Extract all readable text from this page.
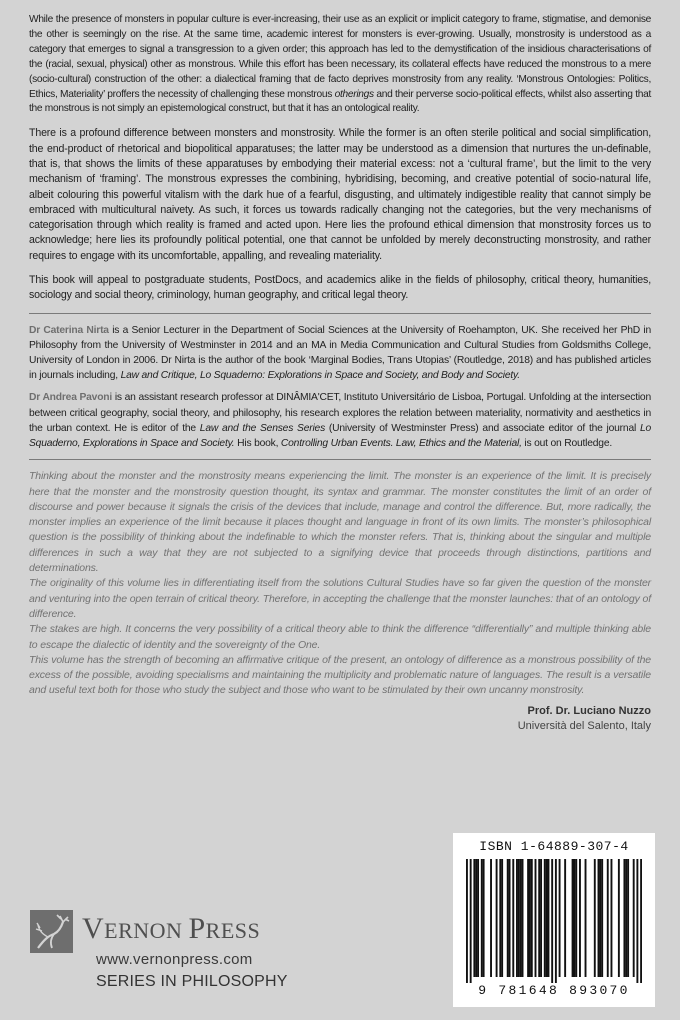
While the presence of monsters in popular culture is ever-increasing, their use as an explicit or implicit category to frame, stigmatise, and demonise the other is seemingly on the rise. At the same time, academic interest for monsters is ever-growing. Usually, monstrosity is understood as a category that emerges to signal a transgression to a given order; this approach has led to the demystification of the insidious characterisations of the (racial, sexual, physical) other as monstrous. While this effort has been necessary, its collateral effects have reduced the monstrous to a mere (socio-cultural) construction of the other: a dialectical framing that de facto deprives monstrosity from any reality. ‘Monstrous Ontologies: Politics, Ethics, Materiality’ proffers the necessity of challenging these monstrous otherings and their perverse socio-political effects, whilst also asserting that the monstrous is not simply an epistemological construct, but that it has an ontological reality.

There is a profound difference between monsters and monstrosity. While the former is an often sterile political and social simplification, the end-product of rhetorical and biopolitical apparatuses; the latter may be understood as a dimension that nurtures the un-definable, that is, that shows the limits of these apparatuses by embodying their material excess: not a ‘cultural frame’, but the limit to the very mechanism of ‘framing’. The monstrous expresses the combining, hybridising, becoming, and creative potential of socio-natural life, albeit colouring this powerful vitalism with the dark hue of a fearful, disgusting, and ultimately indigestible reality that cannot simply be embraced with multicultural naivety. As such, it forces us towards radically changing not the categories, but the very mechanisms of categorisation through which reality is framed and acted upon. Here lies the profound ethical dimension that monstrosity forces us to acknowledge; here lies its profoundly political potential, one that cannot be unfolded by merely deconstructing monstrosity, and rather requires to engage with its uncomfortable, appalling, and revealing materiality.

This book will appeal to postgraduate students, PostDocs, and academics alike in the fields of philosophy, critical theory, humanities, sociology and social theory, criminology, human geography, and critical legal theory.

Dr Caterina Nirta is a Senior Lecturer in the Department of Social Sciences at the University of Roehampton, UK. She received her PhD in Philosophy from the University of Westminster in 2014 and an MA in Media Communication and Cultural Studies from Goldsmiths College, University of London in 2006. Dr Nirta is the author of the book ‘Marginal Bodies, Trans Utopias’ (Routledge, 2018) and has published articles in journals including, Law and Critique, Lo Squaderno: Explorations in Space and Society, and Body and Society.

Dr Andrea Pavoni is an assistant research professor at DINÂMIA'CET, Instituto Universitário de Lisboa, Portugal. Unfolding at the intersection between critical geography, social theory, and philosophy, his research explores the relation between materiality, normativity and aesthetics in the urban context. He is editor of the Law and the Senses Series (University of Westminster Press) and associate editor of the journal Lo Squaderno, Explorations in Space and Society. His book, Controlling Urban Events. Law, Ethics and the Material, is out on Routledge.

Thinking about the monster and the monstrosity means experiencing the limit. The monster is an experience of the limit. It is precisely here that the monster and the monstrosity question thought, its syntax and grammar. The monster constitutes the limit of an order of discourse and power because it signals the crisis of the devices that include, manage and control the difference. But, more radically, the monster implies an experience of the limit because it places thought and language in front of its own limits. The monster’s philosophical question is the possibility of thinking about the indefinable to which the monster refers. That is, thinking about the singular and multiple differences in such a way that they are not subjected to a signifying device that proceeds through distinctions, partitions and determinations.

The originality of this volume lies in differentiating itself from the solutions Cultural Studies have so far given the question of the monster and venturing into the open terrain of critical theory. Therefore, in accepting the challenge that the monster launches: that of an ontology of difference.

The stakes are high. It concerns the very possibility of a critical theory able to think the difference “differentially” and multiple thinking able to escape the dialectic of identity and the sovereignty of the One.

This volume has the strength of becoming an affirmative critique of the present, an ontology of difference as a monstrous possibility of the excess of the possible, avoiding specialisms and maintaining the multiplicity and problematic nature of languages. The result is a versatile and useful text both for those who study the subject and those who want to be stimulated by their own uncanny monstrosity.

Prof. Dr. Luciano Nuzzo
Università del Salento, Italy
VERNON PRESS
www.vernonpress.com
SERIES IN PHILOSOPHY
ISBN 1-64889-307-4
9 781648 893070
